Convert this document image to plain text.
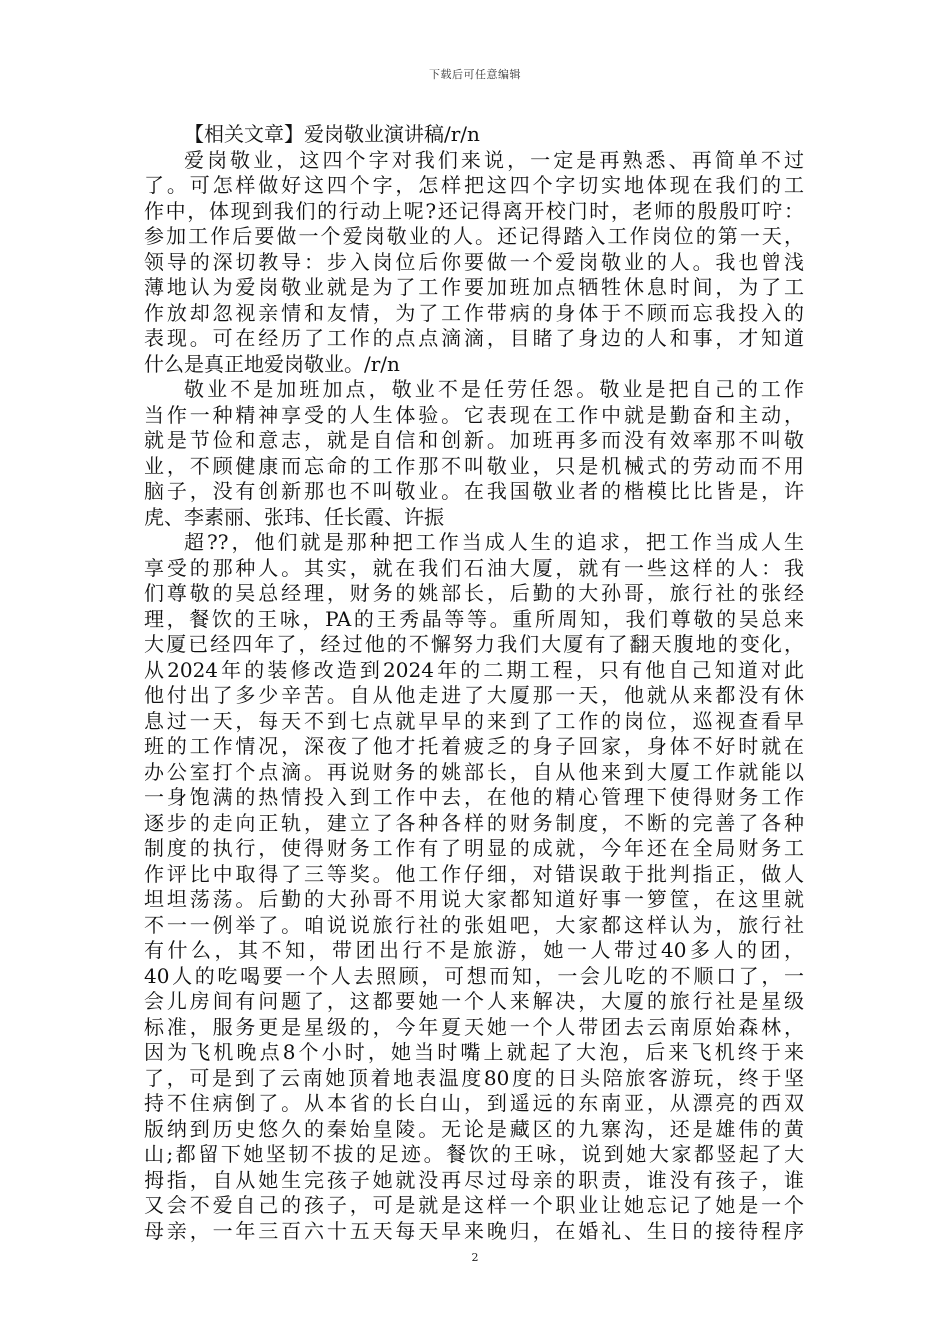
下载后可任意编辑
【相关文章】爱岗敬业演讲稿/r/n
爱岗敬业，这四个字对我们来说，一定是再熟悉、再简单不过
了。可怎样做好这四个字，怎样把这四个字切实地体现在我们的工
作中，体现到我们的行动上呢?还记得离开校门时，老师的殷殷叮咛：
参加工作后要做一个爱岗敬业的人。还记得踏入工作岗位的第一天，
领导的深切教导：步入岗位后你要做一个爱岗敬业的人。我也曾浅
薄地认为爱岗敬业就是为了工作要加班加点牺牲休息时间，为了工
作放却忽视亲情和友情，为了工作带病的身体于不顾而忘我投入的
表现。可在经历了工作的点点滴滴，目睹了身边的人和事，才知道
什么是真正地爱岗敬业。/r/n
敬业不是加班加点，敬业不是任劳任怨。敬业是把自己的工作
当作一种精神享受的人生体验。它表现在工作中就是勤奋和主动，
就是节俭和意志，就是自信和创新。加班再多而没有效率那不叫敬
业，不顾健康而忘命的工作那不叫敬业，只是机械式的劳动而不用
脑子，没有创新那也不叫敬业。在我国敬业者的楷模比比皆是，许
虎、李素丽、张玮、任长霞、许振
超??，他们就是那种把工作当成人生的追求，把工作当成人生
享受的那种人。其实，就在我们石油大厦，就有一些这样的人：我
们尊敬的吴总经理，财务的姚部长，后勤的大孙哥，旅行社的张经
理，餐饮的王咏，PA的王秀晶等等。重所周知，我们尊敬的吴总来
大厦已经四年了，经过他的不懈努力我们大厦有了翻天腹地的变化，
从2024年的装修改造到2024年的二期工程，只有他自己知道对此
他付出了多少辛苦。自从他走进了大厦那一天，他就从来都没有休
息过一天，每天不到七点就早早的来到了工作的岗位，巡视查看早
班的工作情况，深夜了他才托着疲乏的身子回家，身体不好时就在
办公室打个点滴。再说财务的姚部长，自从他来到大厦工作就能以
一身饱满的热情投入到工作中去，在他的精心管理下使得财务工作
逐步的走向正轨，建立了各种各样的财务制度，不断的完善了各种
制度的执行，使得财务工作有了明显的成就，今年还在全局财务工
作评比中取得了三等奖。他工作仔细，对错误敢于批判指正，做人
坦坦荡荡。后勤的大孙哥不用说大家都知道好事一箩筐，在这里就
不一一例举了。咱说说旅行社的张姐吧，大家都这样认为，旅行社
有什么，其不知，带团出行不是旅游，她一人带过40多人的团，
40人的吃喝要一个人去照顾，可想而知，一会儿吃的不顺口了，一
会儿房间有问题了，这都要她一个人来解决，大厦的旅行社是星级
标准，服务更是星级的，今年夏天她一个人带团去云南原始森林，
因为飞机晚点8个小时，她当时嘴上就起了大泡，后来飞机终于来
了，可是到了云南她顶着地表温度80度的日头陪旅客游玩，终于坚
持不住病倒了。从本省的长白山，到遥远的东南亚，从漂亮的西双
版纳到历史悠久的秦始皇陵。无论是藏区的九寨沟，还是雄伟的黄
山;都留下她坚韧不拔的足迹。餐饮的王咏，说到她大家都竖起了大
拇指，自从她生完孩子她就没再尽过母亲的职责，谁没有孩子，谁
又会不爱自己的孩子，可是就是这样一个职业让她忘记了她是一个
母亲，一年三百六十五天每天早来晚归，在婚礼、生日的接待程序
2
